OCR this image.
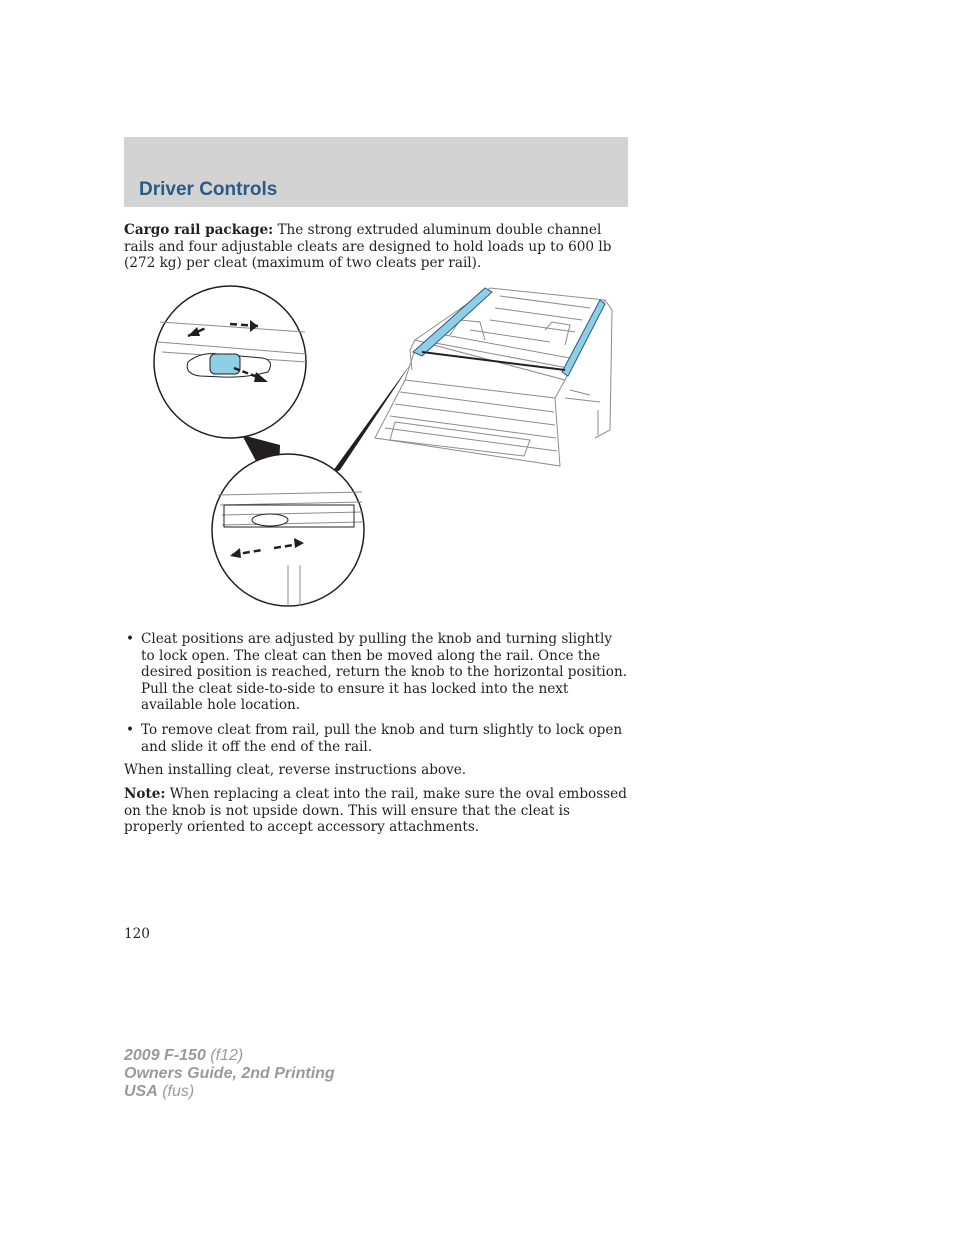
Driver Controls

Cargo rail package: The strong extruded aluminum double channel rails and four adjustable cleats are designed to hold loads up to 600 lb (272 kg) per cleat (maximum of two cleats per rail).

• Cleat positions are adjusted by pulling the knob and turning slightly to lock open. The cleat can then be moved along the rail. Once the desired position is reached, return the knob to the horizontal position. Pull the cleat side-to-side to ensure it has locked into the next available hole location.
• To remove cleat from rail, pull the knob and turn slightly to lock open and slide it off the end of the rail.

When installing cleat, reverse instructions above.

Note: When replacing a cleat into the rail, make sure the oval embossed on the knob is not upside down. This will ensure that the cleat is properly oriented to accept accessory attachments.

120
2009 F-150 (f12)
Owners Guide, 2nd Printing
USA (fus)
